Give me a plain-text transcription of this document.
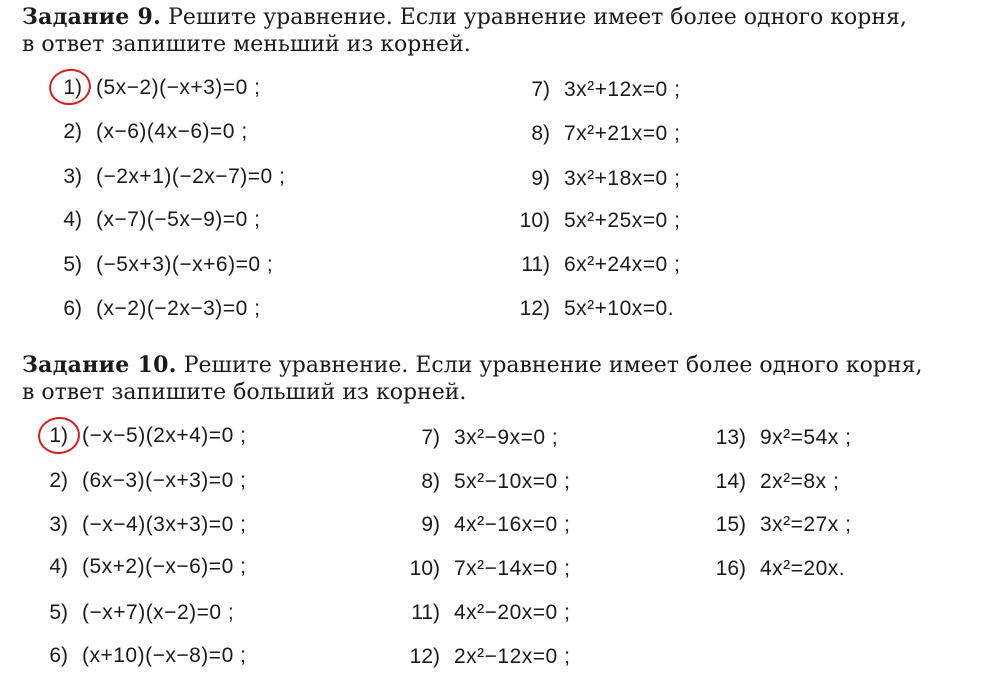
Задание 9. Решите уравнение. Если уравнение имеет более одного корня,
в ответ запишите меньший из корней.
1) (5x−2)(−x+3)=0 ;
2) (x−6)(4x−6)=0 ;
3) (−2x+1)(−2x−7)=0 ;
4) (x−7)(−5x−9)=0 ;
5) (−5x+3)(−x+6)=0 ;
6) (x−2)(−2x−3)=0 ;
7) 3x²+12x=0 ;
8) 7x²+21x=0 ;
9) 3x²+18x=0 ;
10) 5x²+25x=0 ;
11) 6x²+24x=0 ;
12) 5x²+10x=0.
Задание 10. Решите уравнение. Если уравнение имеет более одного корня,
в ответ запишите больший из корней.
1) (−x−5)(2x+4)=0 ;
2) (6x−3)(−x+3)=0 ;
3) (−x−4)(3x+3)=0 ;
4) (5x+2)(−x−6)=0 ;
5) (−x+7)(x−2)=0 ;
6) (x+10)(−x−8)=0 ;
7) 3x²−9x=0 ;
8) 5x²−10x=0 ;
9) 4x²−16x=0 ;
10) 7x²−14x=0 ;
11) 4x²−20x=0 ;
12) 2x²−12x=0 ;
13) 9x²=54x ;
14) 2x²=8x ;
15) 3x²=27x ;
16) 4x²=20x.
